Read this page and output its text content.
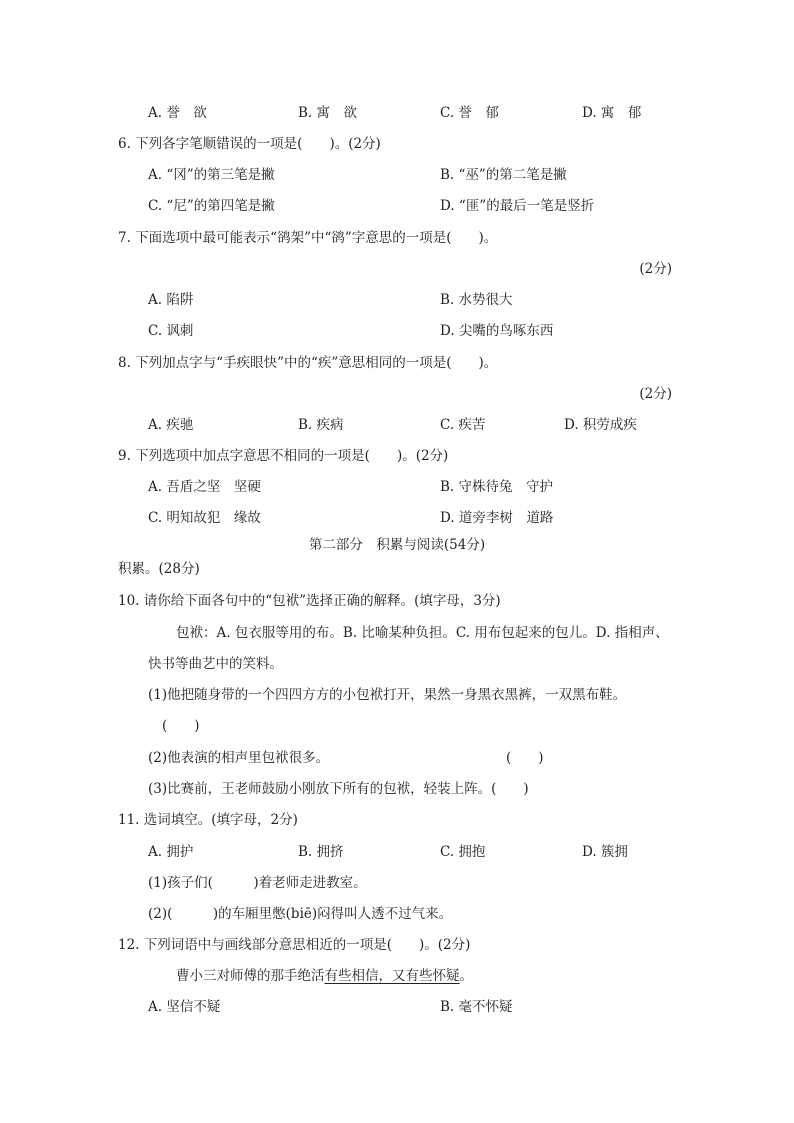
A. 誉　欲	B. 寓　欲	C. 誉　郁	D. 寓　郁
6. 下列各字笔顺错误的一项是(　　)。(2分)
A. “冈”的第三笔是撇	B. “巫”的第二笔是撇
C. “尼”的第四笔是撇	D. “匪”的最后一笔是竖折
7. 下面选项中最可能表示“鹆架”中“鹆”字意思的一项是(　　)。
(2分)
A. 陷阱	B. 水势很大
C. 讽刺	D. 尖嘴的鸟啄东西
8. 下列加点字与“手疾眼快”中的“疾”意思相同的一项是(　　)。
(2分)
A. 疾驰	B. 疾病	C. 疾苦	D. 积劳成疾
9. 下列选项中加点字意思不相同的一项是(　　)。(2分)
A. 吾盾之坚　坚硬	B. 守株待兔　守护
C. 明知故犯　缘故	D. 道旁李树　道路
第二部分　积累与阅读(54分)
积累。(28分)
10. 请你给下面各句中的“包袱”选择正确的解释。(填字母，3分)
包袱：A. 包衣服等用的布。B. 比喻某种负担。C. 用布包起来的包儿。D. 指相声、
快书等曲艺中的笑料。
(1)他把随身带的一个四四方方的小包袱打开，果然一身黑衣黑裤，一双黑布鞋。
(　　)
(2)他表演的相声里包袱很多。	(　　)
(3)比赛前，王老师鼓励小刚放下所有的包袱，轻装上阵。(　　)
11. 选词填空。(填字母，2分)
A. 拥护	B. 拥挤	C. 拥抱	D. 簇拥
(1)孩子们(　　　)着老师走进教室。
(2)(　　　)的车厢里憋(biē)闷得叫人透不过气来。
12. 下列词语中与画线部分意思相近的一项是(　　)。(2分)
曹小三对师傅的那手绝活有些相信，又有些怀疑。
A. 坚信不疑	B. 毫不怀疑
